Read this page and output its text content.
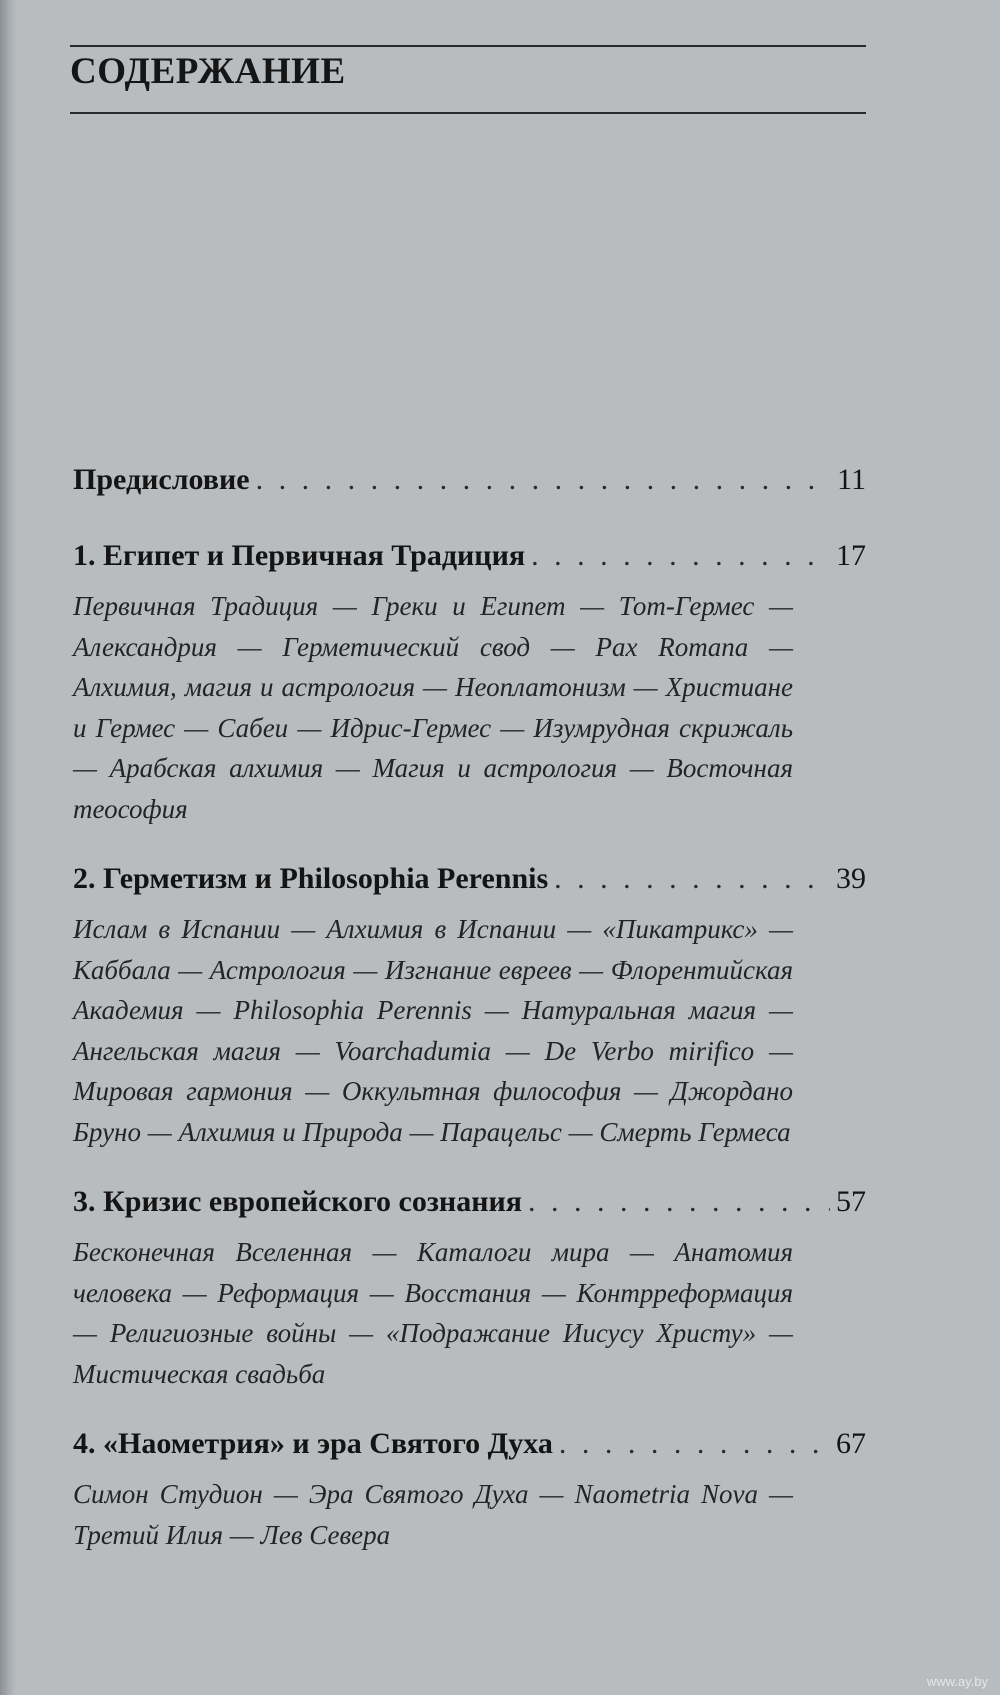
СОДЕРЖАНИЕ
Предисловие . . .	11
1. Египет и Первичная Традиция . . .	17
Первичная Традиция — Греки и Египет — Тот-Гермес — Александрия — Герметический свод — Pax Romana — Алхимия, магия и астрология — Неоплатонизм — Христиане и Гермес — Сабеи — Идрис-Гермес — Изумрудная скрижаль — Арабская алхимия — Магия и астрология — Восточная теософия
2. Герметизм и Philosophia Perennis . . .	39
Ислам в Испании — Алхимия в Испании — «Пикатрикс» — Каббала — Астрология — Изгнание евреев — Флорентийская Академия — Philosophia Perennis — Натуральная магия — Ангельская магия — Voarchadumia — De Verbo mirifico — Мировая гармония — Оккультная философия — Джордано Бруно — Алхимия и Природа — Парацельс — Смерть Гермеса
3. Кризис европейского сознания . . .	57
Бесконечная Вселенная — Каталоги мира — Анатомия человека — Реформация — Восстания — Контрреформация — Религиозные войны — «Подражание Иисусу Христу» — Мистическая свадьба
4. «Наометрия» и эра Святого Духа . . .	67
Симон Студион — Эра Святого Духа — Naometria Nova — Третий Илия — Лев Севера
www.ay.by
